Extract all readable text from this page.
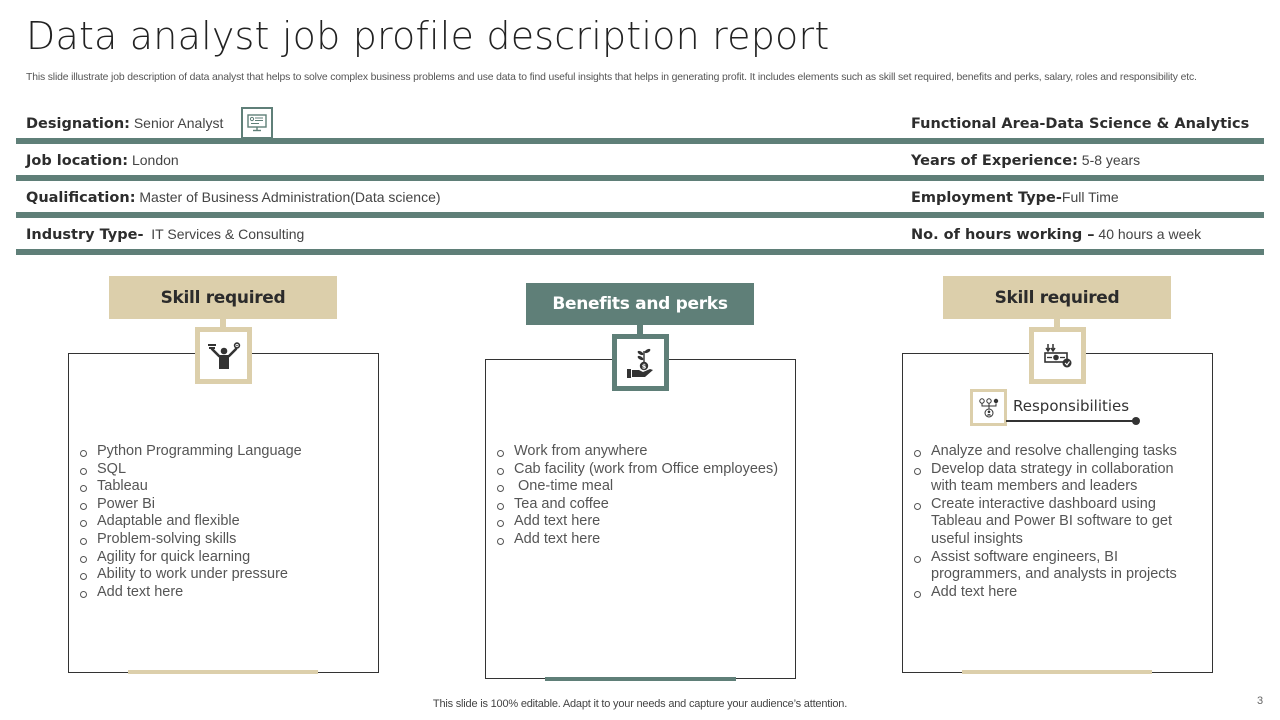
Data analyst job profile description report
This slide illustrate job description of data analyst that helps to solve complex business problems and use data to find useful insights that helps in generating profit. It includes elements such as skill set required, benefits and perks, salary, roles and responsibility etc.
Designation: Senior Analyst	Functional Area-Data Science & Analytics
Job location: London	Years of Experience: 5-8 years
Qualification: Master of Business Administration(Data science)	Employment Type-Full Time
Industry Type-  IT Services & Consulting	No. of hours working – 40 hours a week
Skill required
Python Programming Language
SQL
Tableau
Power Bi
Adaptable and flexible
Problem-solving skills
Agility for quick learning
Ability to work under pressure
Add text here
Benefits and perks
$
Work from anywhere
Cab facility (work from Office employees)
One-time meal
Tea and coffee
Add text here
Add text here
Skill required
Responsibilities
Analyze and resolve challenging tasks
Develop data strategy in collaboration with team members and leaders
Create interactive dashboard using Tableau and Power BI software to get useful insights
Assist software engineers, BI programmers, and analysts in projects
Add text here
This slide is 100% editable. Adapt it to your needs and capture your audience’s attention.	3
